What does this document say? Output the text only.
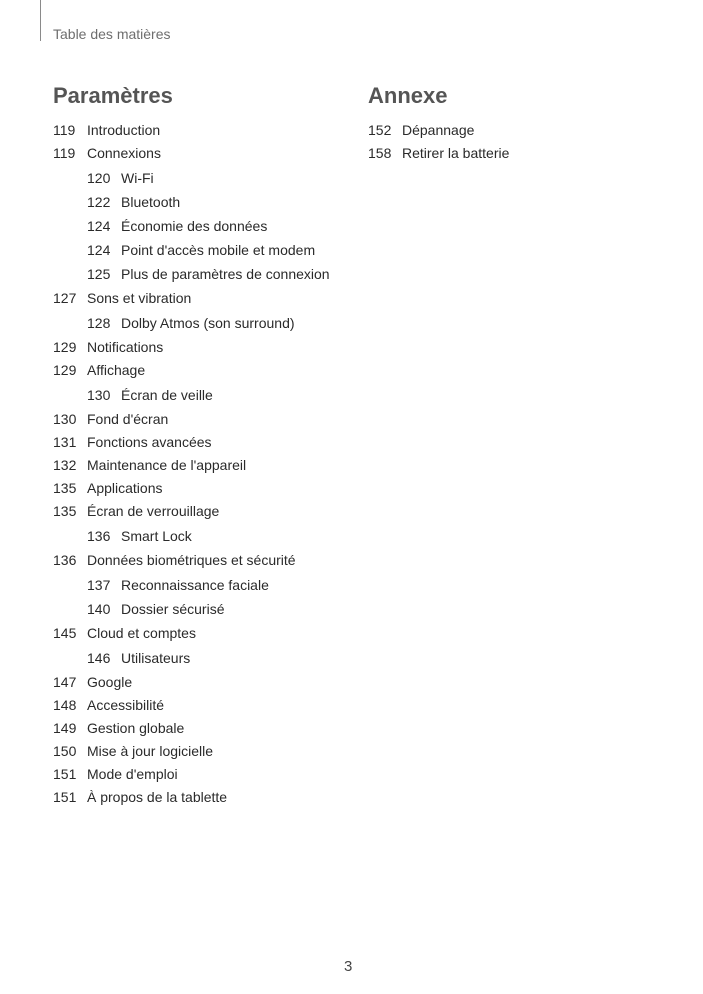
Table des matières
Paramètres
119 Introduction
119 Connexions
120 Wi-Fi
122 Bluetooth
124 Économie des données
124 Point d'accès mobile et modem
125 Plus de paramètres de connexion
127 Sons et vibration
128 Dolby Atmos (son surround)
129 Notifications
129 Affichage
130 Écran de veille
130 Fond d'écran
131 Fonctions avancées
132 Maintenance de l'appareil
135 Applications
135 Écran de verrouillage
136 Smart Lock
136 Données biométriques et sécurité
137 Reconnaissance faciale
140 Dossier sécurisé
145 Cloud et comptes
146 Utilisateurs
147 Google
148 Accessibilité
149 Gestion globale
150 Mise à jour logicielle
151 Mode d'emploi
151 À propos de la tablette
Annexe
152 Dépannage
158 Retirer la batterie
3
